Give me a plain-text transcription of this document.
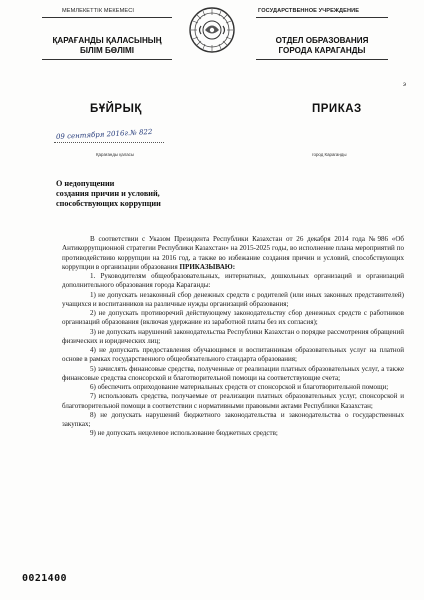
МЕМЛЕКЕТТІК МЕКЕМЕСІ
ҚАРАҒАНДЫ ҚАЛАСЫНЫҢ
БІЛІМ БӨЛІМІ
ГОСУДАРСТВЕННОЕ УЧРЕЖДЕНИЕ
ОТДЕЛ ОБРАЗОВАНИЯ
ГОРОДА КАРАГАНДЫ
э
БҰЙРЫҚ	ПРИКАЗ
09 сентября 2016г.№ 822
Қарағанды қаласы	город Караганды
О недопущении
создания причин и условий,
способствующих коррупции

В соответствии с Указом Президента Республики Казахстан от 26 декабря 2014 года №986 «Об Антикоррупционной стратегии Республики Казахстан» на 2015-2025 годы, во исполнение плана мероприятий по противодействию коррупции на 2016 год, а также во избежание создания причин и условий, способствующих коррупции в организации образования ПРИКАЗЫВАЮ:

1. Руководителям общеобразовательных, интернатных, дошкольных организаций и организаций дополнительного образования города Караганды:

1) не допускать незаконный сбор денежных средств с родителей (или иных законных представителей) учащихся и воспитанников на различные нужды организаций образования;

2) не допускать противоречий действующему законодательству сбор денежных средств с работников организаций образования (включая удержание из заработной платы без их согласия);

3) не допускать нарушений законодательства Республики Казахстан о порядке рассмотрения обращений физических и юридических лиц;

4) не допускать предоставления обучающимся и воспитанникам образовательных услуг на платной основе в рамках государственного общеобязательного стандарта образования;

5) зачислять финансовые средства, полученные от реализации платных образовательных услуг, а также финансовые средства спонсорской и благотворительной помощи на соответствующие счета;

6) обеспечить оприходование материальных средств от спонсорской и благотворительной помощи;

7) использовать средства, получаемые от реализации платных образовательных услуг, спонсорской и благотворительной помощи в соответствии с нормативными правовыми актами Республики Казахстан;

8) не допускать нарушений бюджетного законодательства и законодательства о государственных закупках;

9) не допускать нецелевое использование бюджетных средств;

0021400
